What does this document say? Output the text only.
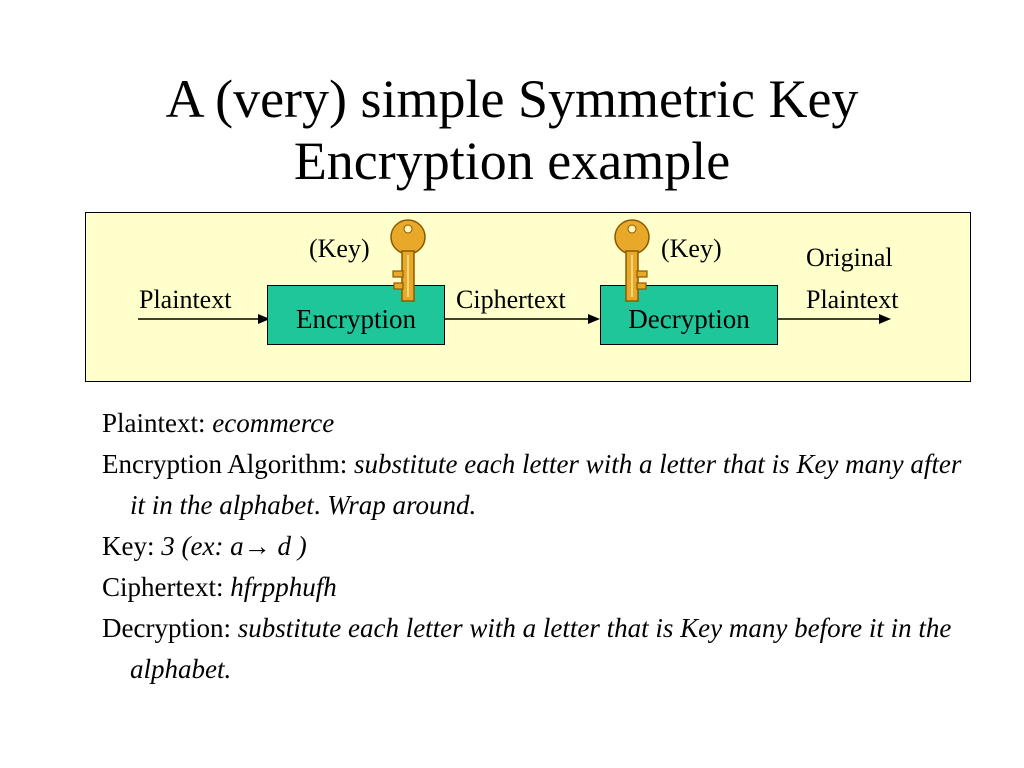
A (very) simple Symmetric Key
Encryption example
Plaintext
Encryption
Ciphertext
Decryption
Original
Plaintext
(Key)	(Key)
Plaintext: ecommerce
Encryption Algorithm: substitute each letter with a letter that is Key many after it in the alphabet. Wrap around.
Key: 3 (ex: a→ d )
Ciphertext: hfrpphufh
Decryption: substitute each letter with a letter that is Key many before it in the alphabet.
